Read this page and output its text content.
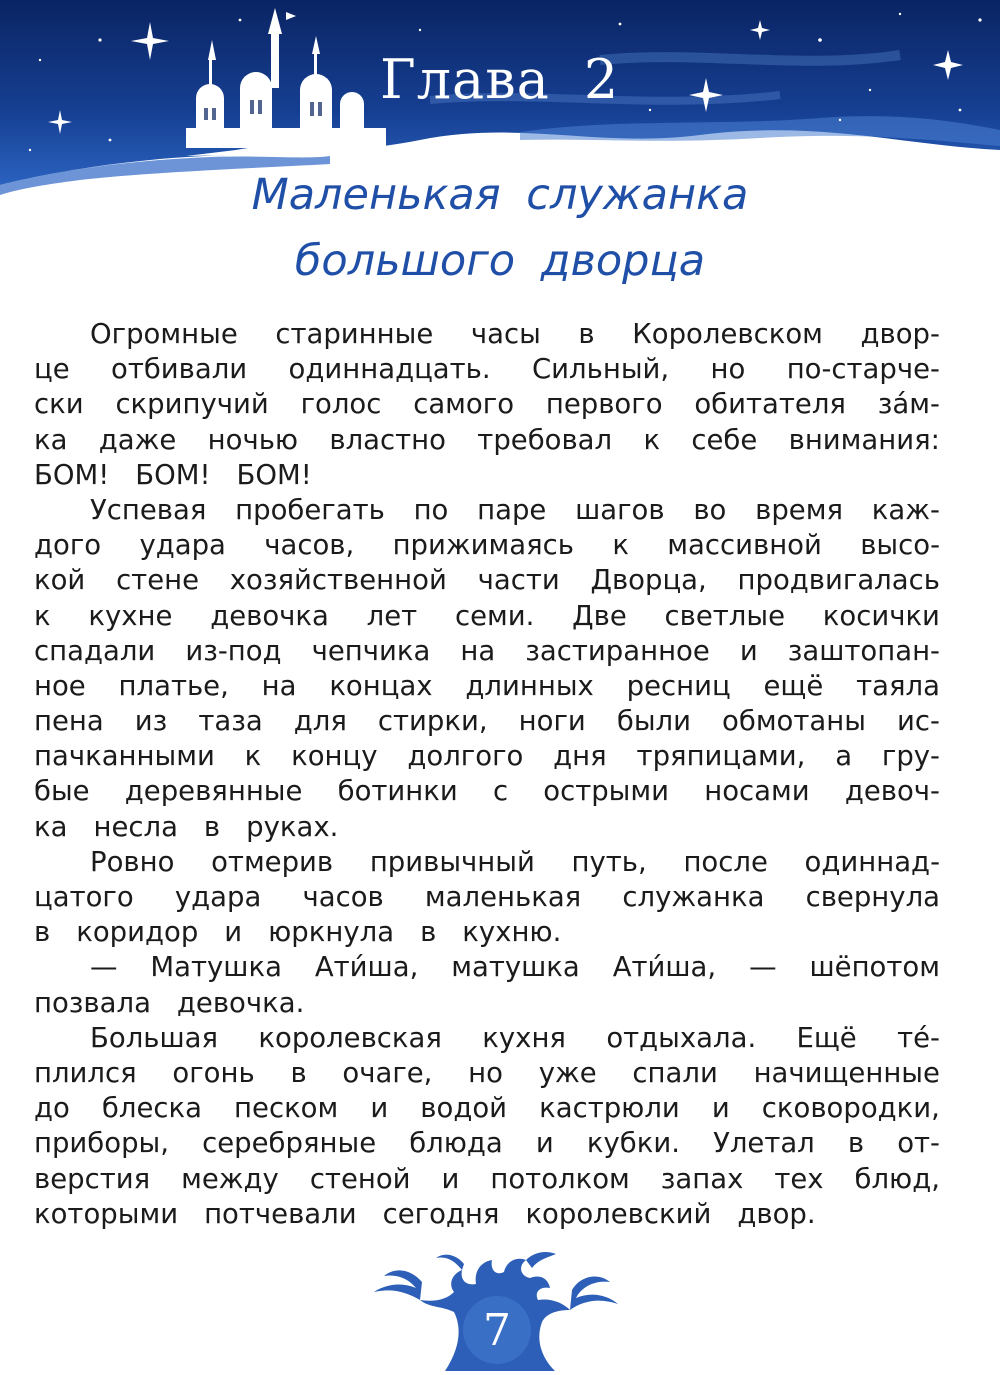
Глава 2
Маленькая служанка
большого дворца
Огромные старинные часы в Королевском двор-
це отбивали одиннадцать. Сильный, но по-старче-
ски скрипучий голос самого первого обитателя за́м-
ка даже ночью властно требовал к себе внимания:
БОМ! БОМ! БОМ!
Успевая пробегать по паре шагов во время каж-
дого удара часов, прижимаясь к массивной высо-
кой стене хозяйственной части Дворца, продвигалась
к кухне девочка лет семи. Две светлые косички
спадали из-под чепчика на застиранное и заштопан-
ное платье, на концах длинных ресниц ещё таяла
пена из таза для стирки, ноги были обмотаны ис-
пачканными к концу долгого дня тряпицами, а гру-
бые деревянные ботинки с острыми носами девоч-
ка несла в руках.
Ровно отмерив привычный путь, после одиннад-
цатого удара часов маленькая служанка свернула
в коридор и юркнула в кухню.
— Матушка Ати́ша, матушка Ати́ша, — шёпотом
позвала девочка.
Большая королевская кухня отдыхала. Ещё те́-
плился огонь в очаге, но уже спали начищенные
до блеска песком и водой кастрюли и сковородки,
приборы, серебряные блюда и кубки. Улетал в от-
верстия между стеной и потолком запах тех блюд,
которыми потчевали сегодня королевский двор.
7
